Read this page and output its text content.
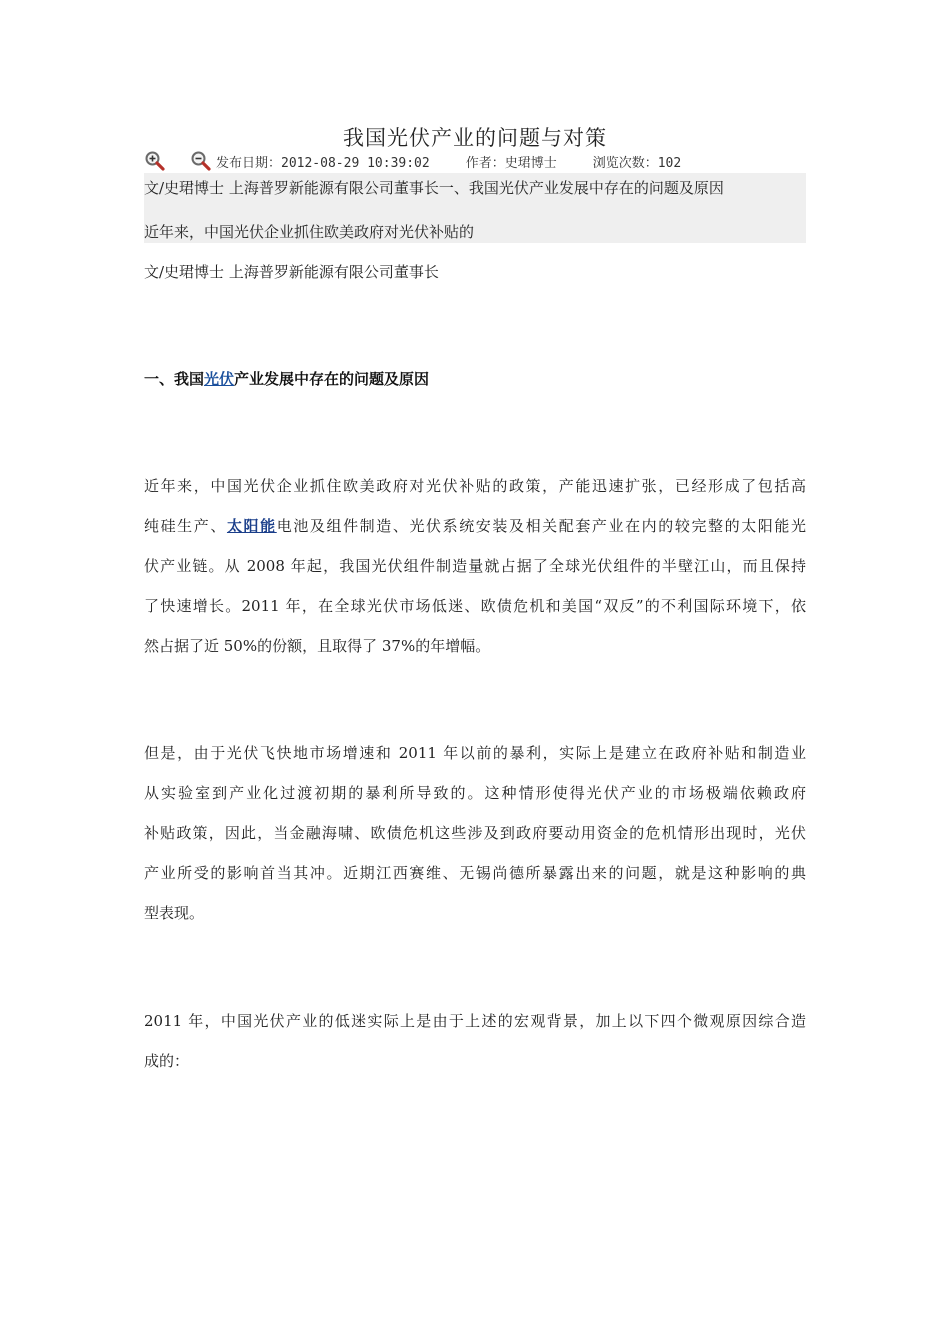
我国光伏产业的问题与对策
发布日期：2012-08-29 10:39:02	作者：史珺博士	浏览次数：102
文/史珺博士 上海普罗新能源有限公司董事长一、我国光伏产业发展中存在的问题及原因
近年来，中国光伏企业抓住欧美政府对光伏补贴的
文/史珺博士 上海普罗新能源有限公司董事长
一、我国光伏产业发展中存在的问题及原因
近年来，中国光伏企业抓住欧美政府对光伏补贴的政策，产能迅速扩张，已经形成了包括高
纯硅生产、太阳能电池及组件制造、光伏系统安装及相关配套产业在内的较完整的太阳能光
伏产业链。从 2008 年起，我国光伏组件制造量就占据了全球光伏组件的半壁江山，而且保持
了快速增长。2011 年，在全球光伏市场低迷、欧债危机和美国“双反”的不利国际环境下，依
然占据了近 50%的份额，且取得了 37%的年增幅。
但是，由于光伏飞快地市场增速和 2011 年以前的暴利，实际上是建立在政府补贴和制造业
从实验室到产业化过渡初期的暴利所导致的。这种情形使得光伏产业的市场极端依赖政府
补贴政策，因此，当金融海啸、欧债危机这些涉及到政府要动用资金的危机情形出现时，光伏
产业所受的影响首当其冲。近期江西赛维、无锡尚德所暴露出来的问题，就是这种影响的典
型表现。
2011 年，中国光伏产业的低迷实际上是由于上述的宏观背景，加上以下四个微观原因综合造
成的：
